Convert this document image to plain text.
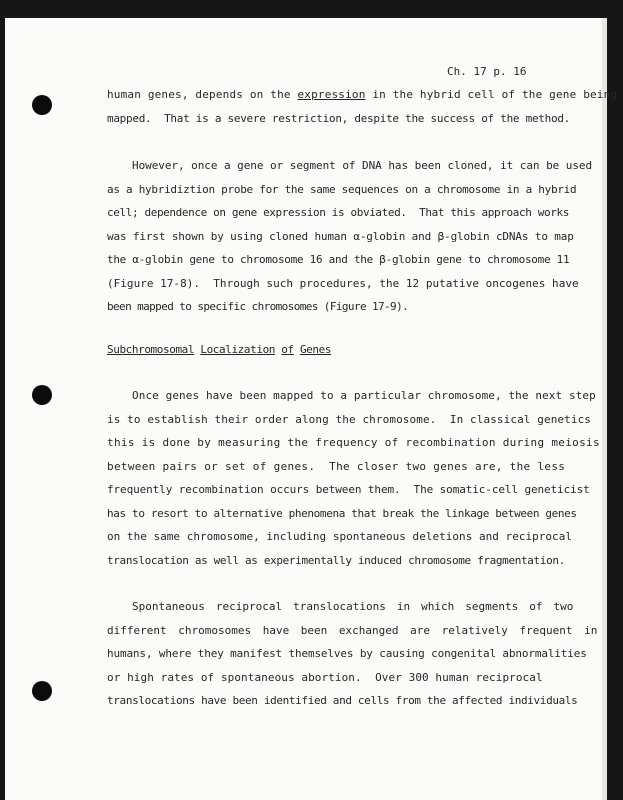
Ch. 17 p. 16
human genes, depends on the expression in the hybrid cell of the gene being
mapped.  That is a severe restriction, despite the success of the method.
However, once a gene or segment of DNA has been cloned, it can be used
as a hybridiztion probe for the same sequences on a chromosome in a hybrid
cell; dependence on gene expression is obviated.  That this approach works
was first shown by using cloned human α-globin and β-globin cDNAs to map
the α-globin gene to chromosome 16 and the β-globin gene to chromosome 11
(Figure 17-8).  Through such procedures, the 12 putative oncogenes have
been mapped to specific chromosomes (Figure 17-9).
Subchromosomal Localization of Genes
Once genes have been mapped to a particular chromosome, the next step
is to establish their order along the chromosome.  In classical genetics
this is done by measuring the frequency of recombination during meiosis
between pairs or set of genes.  The closer two genes are, the less
frequently recombination occurs between them.  The somatic-cell geneticist
has to resort to alternative phenomena that break the linkage between genes
on the same chromosome, including spontaneous deletions and reciprocal
translocation as well as experimentally induced chromosome fragmentation.
Spontaneous reciprocal translocations in which segments of two
different chromosomes have been exchanged are relatively frequent in
humans, where they manifest themselves by causing congenital abnormalities
or high rates of spontaneous abortion.  Over 300 human reciprocal
translocations have been identified and cells from the affected individuals
